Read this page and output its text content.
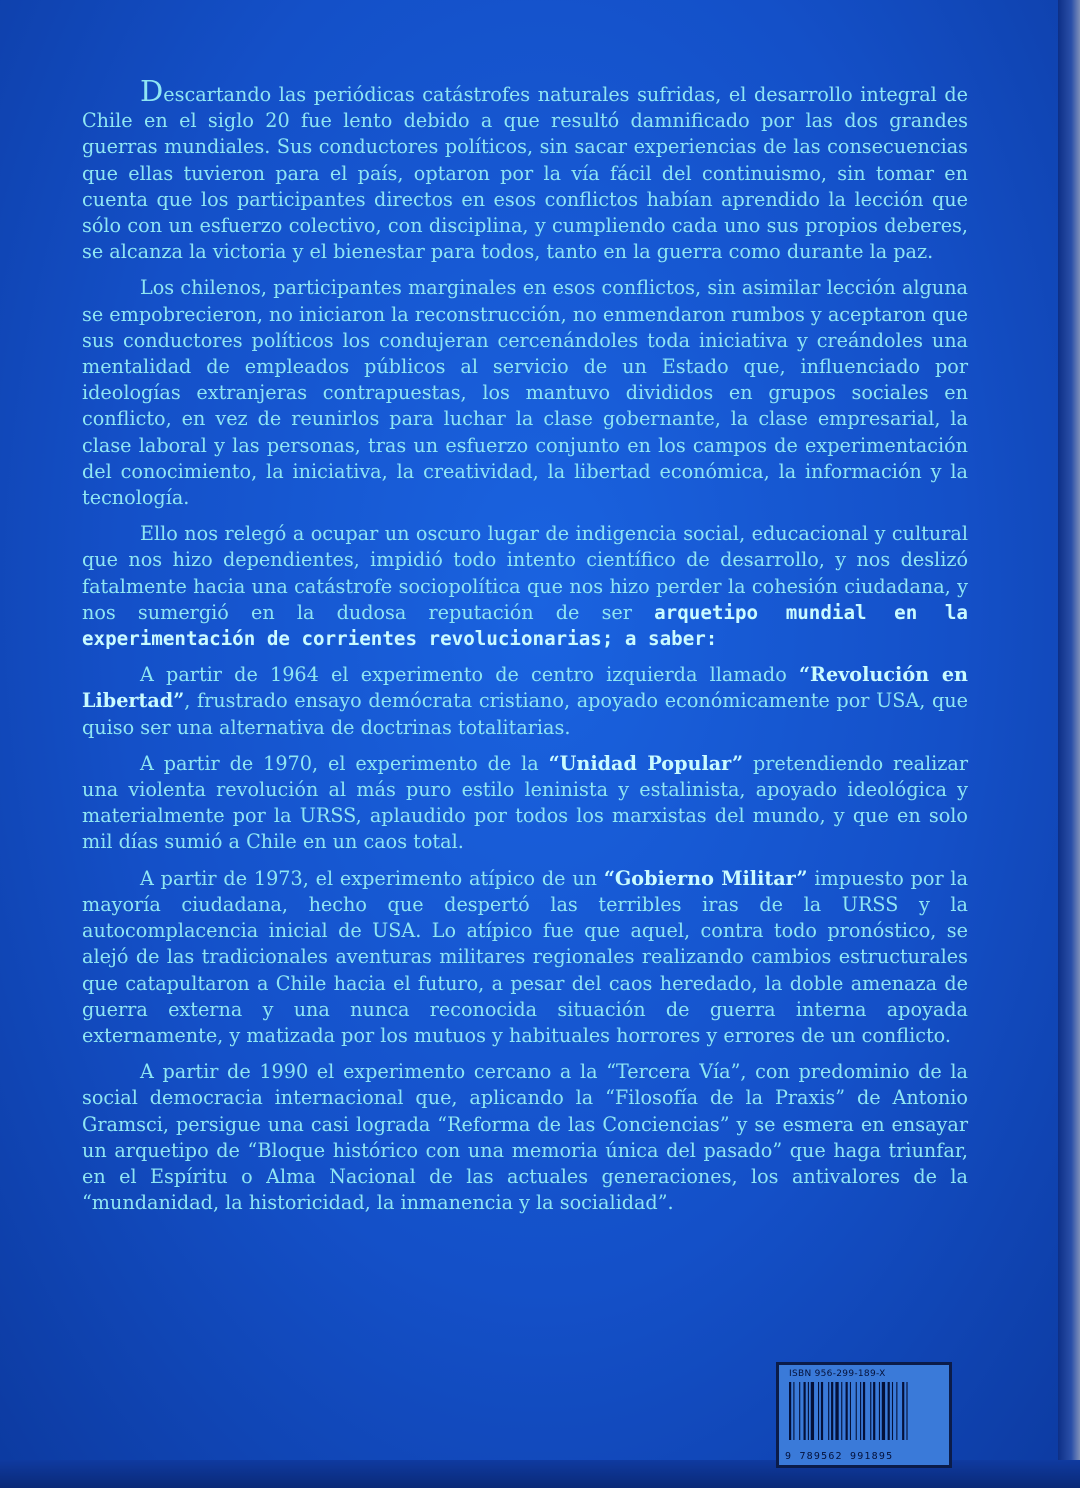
Descartando las periódicas catástrofes naturales sufridas, el desarrollo integral de Chile en el siglo 20 fue lento debido a que resultó damnificado por las dos grandes guerras mundiales. Sus conductores políticos, sin sacar experiencias de las consecuencias que ellas tuvieron para el país, optaron por la vía fácil del continuismo, sin tomar en cuenta que los participantes directos en esos conflictos habían aprendido la lección que sólo con un esfuerzo colectivo, con disciplina, y cumpliendo cada uno sus propios deberes, se alcanza la victoria y el bienestar para todos, tanto en la guerra como durante la paz.

Los chilenos, participantes marginales en esos conflictos, sin asimilar lección alguna se empobrecieron, no iniciaron la reconstrucción, no enmendaron rumbos y aceptaron que sus conductores políticos los condujeran cercenándoles toda iniciativa y creándoles una mentalidad de empleados públicos al servicio de un Estado que, influenciado por ideologías extranjeras contrapuestas, los mantuvo divididos en grupos sociales en conflicto, en vez de reunirlos para luchar la clase gobernante, la clase empresarial, la clase laboral y las personas, tras un esfuerzo conjunto en los campos de experimentación del conocimiento, la iniciativa, la creatividad, la libertad económica, la información y la tecnología.

Ello nos relegó a ocupar un oscuro lugar de indigencia social, educacional y cultural que nos hizo dependientes, impidió todo intento científico de desarrollo, y nos deslizó fatalmente hacia una catástrofe sociopolítica que nos hizo perder la cohesión ciudadana, y nos sumergió en la dudosa reputación de ser arquetipo mundial en la experimentación de corrientes revolucionarias; a saber:

A partir de 1964 el experimento de centro izquierda llamado “Revolución en Libertad”, frustrado ensayo demócrata cristiano, apoyado económicamente por USA, que quiso ser una alternativa de doctrinas totalitarias.

A partir de 1970, el experimento de la “Unidad Popular” pretendiendo realizar una violenta revolución al más puro estilo leninista y estalinista, apoyado ideológica y materialmente por la URSS, aplaudido por todos los marxistas del mundo, y que en solo mil días sumió a Chile en un caos total.

A partir de 1973, el experimento atípico de un “Gobierno Militar” impuesto por la mayoría ciudadana, hecho que despertó las terribles iras de la URSS y la autocomplacencia inicial de USA. Lo atípico fue que aquel, contra todo pronóstico, se alejó de las tradicionales aventuras militares regionales realizando cambios estructurales que catapultaron a Chile hacia el futuro, a pesar del caos heredado, la doble amenaza de guerra externa y una nunca reconocida situación de guerra interna apoyada externamente, y matizada por los mutuos y habituales horrores y errores de un conflicto.

A partir de 1990 el experimento cercano a la “Tercera Vía”, con predominio de la social democracia internacional que, aplicando la “Filosofía de la Praxis” de Antonio Gramsci, persigue una casi lograda “Reforma de las Conciencias” y se esmera en ensayar un arquetipo de “Bloque histórico con una memoria única del pasado” que haga triunfar, en el Espíritu o Alma Nacional de las actuales generaciones, los antivalores de la “mundanidad, la historicidad, la inmanencia y la socialidad”.

ISBN 956-299-189-X
9 789562 991895
